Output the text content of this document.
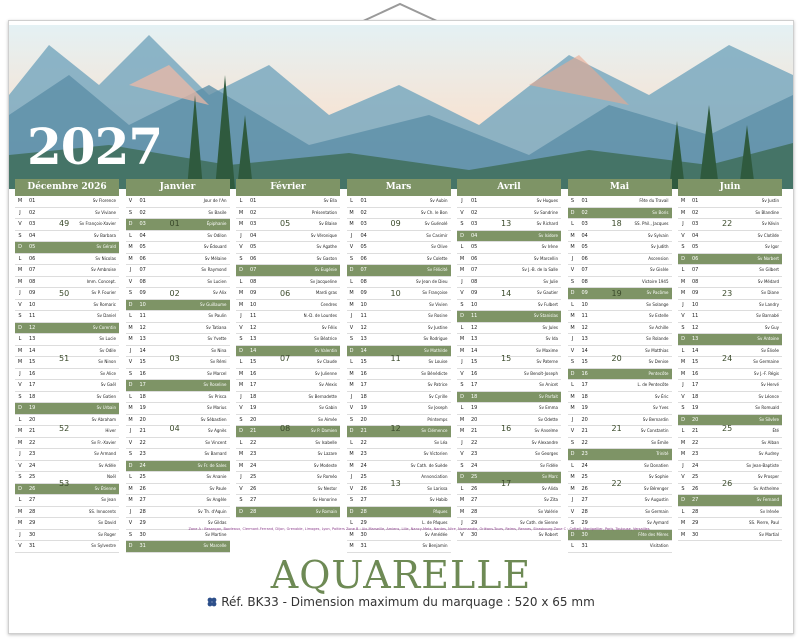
2027
Décembre 2026
M	01	Sv Florence
J	02	Sv Viviane
V	03	Sv François-Xavier
S	04	Sv Barbara
D	05	Sv Gérald
L	06	Sv Nicolas
M	07	Sv Ambroise
M	08	Imm. Concept.
J	09	Sv P. Fourier
V	10	Sv Romaric
S	11	Sv Daniel
D	12	Sv Corentin
L	13	Sv Lucie
M	14	Sv Odile
M	15	Sv Ninon
J	16	Sv Alice
V	17	Sv Gaël
S	18	Sv Gatien
D	19	Sv Urbain
L	20	Sv Abraham
M	21	Hiver
M	22	Sv Fr.-Xavier
J	23	Sv Armand
V	24	Sv Adèle
S	25	Noël
D	26	Sv Étienne
L	27	Sv Jean
M	28	SS. Innocents
M	29	Sv David
J	30	Sv Roger
V	31	Sv Sylvestre
49
50
51
52
53
Janvier
V	01	Jour de l'An
S	02	Sv Basile
D	03	Épiphanie
L	04	Sv Odilon
M	05	Sv Édouard
M	06	Sv Mélaine
J	07	Sv Raymond
V	08	Sv Lucien
S	09	Sv Alix
D	10	Sv Guillaume
L	11	Sv Paulin
M	12	Sv Tatiana
M	13	Sv Yvette
J	14	Sv Nina
V	15	Sv Rémi
S	16	Sv Marcel
D	17	Sv Roseline
L	18	Sv Prisca
M	19	Sv Marius
M	20	Sv Sébastien
J	21	Sv Agnès
V	22	Sv Vincent
S	23	Sv Barnard
D	24	Sv Fr. de Sales
L	25	Sv Ananie
M	26	Sv Paule
M	27	Sv Angèle
J	28	Sv Th. d'Aquin
V	29	Sv Gildas
S	30	Sv Martine
D	31	Sv Marcelle
01
02
03
04
Février
L	01	Sv Ella
M	02	Présentation
M	03	Sv Blaise
J	04	Sv Véronique
V	05	Sv Agathe
S	06	Sv Gaston
D	07	Sv Eugénie
L	08	Sv Jacqueline
M	09	Mardi gras
M	10	Cendres
J	11	N.-D. de Lourdes
V	12	Sv Félix
S	13	Sv Béatrice
D	14	Sv Valentin
L	15	Sv Claude
M	16	Sv Julienne
M	17	Sv Alexis
J	18	Sv Bernadette
V	19	Sv Gabin
S	20	Sv Aimée
D	21	Sv P. Damien
L	22	Sv Isabelle
M	23	Sv Lazare
M	24	Sv Modeste
J	25	Sv Roméo
V	26	Sv Nestor
S	27	Sv Honorine
D	28	Sv Romain
05
06
07
08
Mars
L	01	Sv Aubin
M	02	Sv Ch. le Bon
M	03	Sv Guénolé
J	04	Sv Casimir
V	05	Sv Olive
S	06	Sv Colette
D	07	Sv Félicité
L	08	Sv Jean de Dieu
M	09	Sv Françoise
M	10	Sv Vivien
J	11	Sv Rosine
V	12	Sv Justine
S	13	Sv Rodrigue
D	14	Sv Mathilde
L	15	Sv Louise
M	16	Sv Bénédicte
M	17	Sv Patrice
J	18	Sv Cyrille
V	19	Sv Joseph
S	20	Printemps
D	21	Sv Clémence
L	22	Sv Léa
M	23	Sv Victorien
M	24	Sv Cath. de Suède
J	25	Annonciation
V	26	Sv Larissa
S	27	Sv Habib
D	28	Pâques
L	29	L. de Pâques
M	30	Sv Amédée
M	31	Sv Benjamin
09
10
11
12
13
Avril
J	01	Sv Hugues
V	02	Sv Sandrine
S	03	Sv Richard
D	04	Sv Isidore
L	05	Sv Irène
M	06	Sv Marcellin
M	07	Sv J.-B. de la Salle
J	08	Sv Julie
V	09	Sv Gautier
S	10	Sv Fulbert
D	11	Sv Stanislas
L	12	Sv Jules
M	13	Sv Ida
M	14	Sv Maxime
J	15	Sv Paterne
V	16	Sv Benoît-Joseph
S	17	Sv Anicet
D	18	Sv Parfait
L	19	Sv Emma
M	20	Sv Odette
M	21	Sv Anselme
J	22	Sv Alexandre
V	23	Sv Georges
S	24	Sv Fidèle
D	25	Sv Marc
L	26	Sv Alida
M	27	Sv Zita
M	28	Sv Valérie
J	29	Sv Cath. de Sienne
V	30	Sv Robert
13
14
15
16
17
Mai
S	01	Fête du Travail
D	02	Sv Boris
L	03	SS. Phil., Jacques
M	04	Sv Sylvain
M	05	Sv Judith
J	06	Ascension
V	07	Sv Gisèle
S	08	Victoire 1945
D	09	Sv Pacôme
L	10	Sv Solange
M	11	Sv Estelle
M	12	Sv Achille
J	13	Sv Rolande
V	14	Sv Matthias
S	15	Sv Denise
D	16	Pentecôte
L	17	L. de Pentecôte
M	18	Sv Éric
M	19	Sv Yves
J	20	Sv Bernardin
V	21	Sv Constantin
S	22	Sv Émile
D	23	Trinité
L	24	Sv Donatien
M	25	Sv Sophie
M	26	Sv Bérenger
J	27	Sv Augustin
V	28	Sv Germain
S	29	Sv Aymard
D	30	Fête des Mères
L	31	Visitation
18
19
20
21
22
Juin
M	01	Sv Justin
M	02	Sv Blandine
J	03	Sv Kévin
V	04	Sv Clotilde
S	05	Sv Igor
D	06	Sv Norbert
L	07	Sv Gilbert
M	08	Sv Médard
M	09	Sv Diane
J	10	Sv Landry
V	11	Sv Barnabé
S	12	Sv Guy
D	13	Sv Antoine
L	14	Sv Élisée
M	15	Sv Germaine
M	16	Sv J.-F. Régis
J	17	Sv Hervé
V	18	Sv Léonce
S	19	Sv Romuald
D	20	Sv Silvère
L	21	Été
M	22	Sv Alban
M	23	Sv Audrey
J	24	Sv Jean-Baptiste
V	25	Sv Prosper
S	26	Sv Anthelme
D	27	Sv Fernand
L	28	Sv Irénée
M	29	SS. Pierre, Paul
M	30	Sv Martial
22
23
24
25
26
Zone A : Besançon, Bordeaux, Clermont-Ferrand, Dijon, Grenoble, Limoges, Lyon, Poitiers Zone B : Aix-Marseille, Amiens, Lille, Nancy-Metz, Nantes, Nice, Normandie, Orléans-Tours, Reims, Rennes, Strasbourg Zone C : Créteil, Montpellier, Paris, Toulouse, Versailles
AQUARELLE
Réf. BK33 - Dimension maximum du marquage : 520 x 65 mm
